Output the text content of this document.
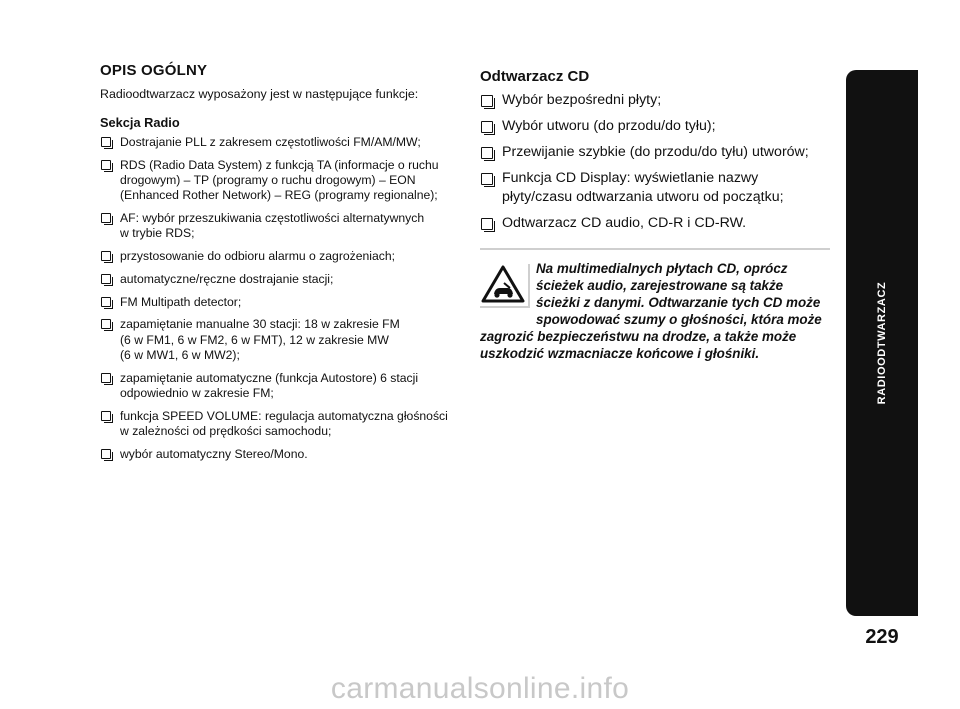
OPIS OGÓLNY

Radioodtwarzacz wyposażony jest w następujące funkcje:

Sekcja Radio
Dostrajanie PLL z zakresem częstotliwości FM/AM/MW;
RDS (Radio Data System) z funkcją TA (informacje o ruchu
drogowym) – TP (programy o ruchu drogowym) – EON
(Enhanced Rother Network) – REG (programy regionalne);
AF: wybór przeszukiwania częstotliwości alternatywnych
w trybie RDS;
przystosowanie do odbioru alarmu o zagrożeniach;
automatyczne/ręczne dostrajanie stacji;
FM Multipath detector;
zapamiętanie manualne 30 stacji: 18 w zakresie FM
(6 w FM1, 6 w FM2, 6 w FMT), 12 w zakresie MW
(6 w MW1, 6 w MW2);
zapamiętanie automatyczne (funkcja Autostore) 6 stacji
odpowiednio w zakresie FM;
funkcja SPEED VOLUME: regulacja automatyczna głośności
w zależności od prędkości samochodu;
wybór automatyczny Stereo/Mono.
Odtwarzacz CD
Wybór bezpośredni płyty;
Wybór utworu (do przodu/do tyłu);
Przewijanie szybkie (do przodu/do tyłu) utworów;
Funkcja CD Display: wyświetlanie nazwy
płyty/czasu odtwarzania utworu od początku;
Odtwarzacz CD audio, CD-R i CD-RW.

Na multimedialnych płytach CD, oprócz ścieżek audio, zarejestrowane są także ścieżki z danymi. Odtwarzanie tych CD może spowodować szumy o głośności, która może zagrozić bezpieczeństwu na drodze, a także może uszkodzić wzmacniacze końcowe i głośniki.	RADIOODTWARZACZ
229
carmanualsonline.info
